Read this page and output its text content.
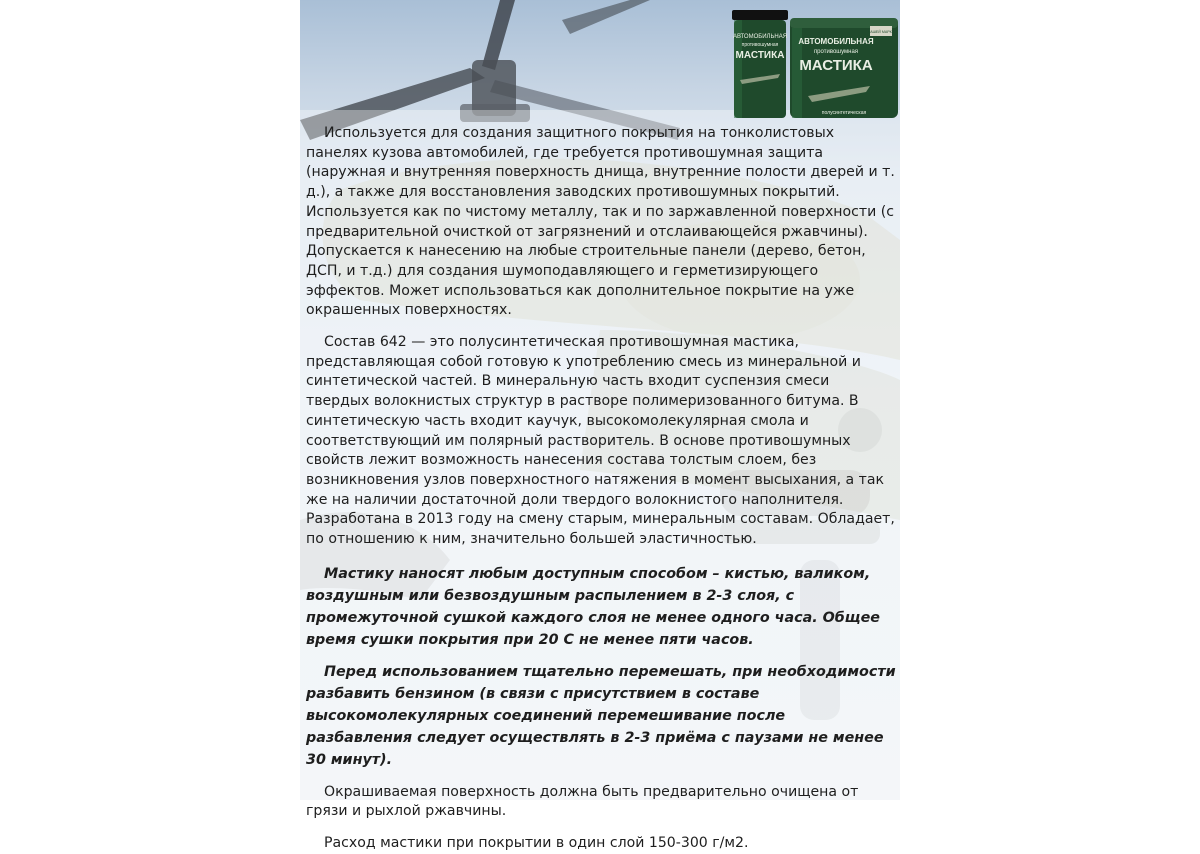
АВТОМОБИЛЬНАЯ
противошумная
МАСТИКА
НАШЕЙ МАРКИ
АВТОМОБИЛЬНАЯ
противошумная
МАСТИКА
полусинтетическая

Используется для создания защитного покрытия на тонколистовых панелях кузова автомобилей, где требуется противошумная защита (наружная и внутренняя поверхность днища, внутренние полости дверей и т. д.), а также для восстановления заводских противошумных покрытий. Используется как по чистому металлу, так и по заржавленной поверхности (с предварительной очисткой от загрязнений и отслаивающейся ржавчины). Допускается к нанесению на любые строительные панели (дерево, бетон, ДСП, и т.д.) для создания шумоподавляющего и герметизирующего эффектов. Может использоваться как дополнительное покрытие на уже окрашенных поверхностях.

Состав 642 — это полусинтетическая противошумная мастика, представляющая собой готовую к употреблению смесь из минеральной и синтетической частей. В минеральную часть входит суспензия смеси твердых волокнистых структур в растворе полимеризованного битума. В синтетическую часть входит каучук, высокомолекулярная смола и соответствующий им полярный растворитель. В основе противошумных свойств лежит возможность нанесения состава толстым слоем, без возникновения узлов поверхностного натяжения в момент высыхания, а так же на наличии достаточной доли твердого волокнистого наполнителя. Разработана в 2013 году на смену старым, минеральным составам. Обладает, по отношению к ним, значительно большей эластичностью.

Мастику наносят любым доступным способом – кистью, валиком, воздушным или безвоздушным распылением в 2-3 слоя, с промежуточной сушкой каждого слоя не менее одного часа. Общее время сушки покрытия при 20 С не менее пяти часов.

Перед использованием тщательно перемешать, при необходимости разбавить бензином (в связи с присутствием в составе высокомолекулярных соединений перемешивание после разбавления следует осуществлять в 2-3 приёма с паузами не менее 30 минут).

Окрашиваемая поверхность должна быть предварительно очищена от грязи и рыхлой ржавчины.

Расход мастики при покрытии в один слой 150-300 г/м2.
